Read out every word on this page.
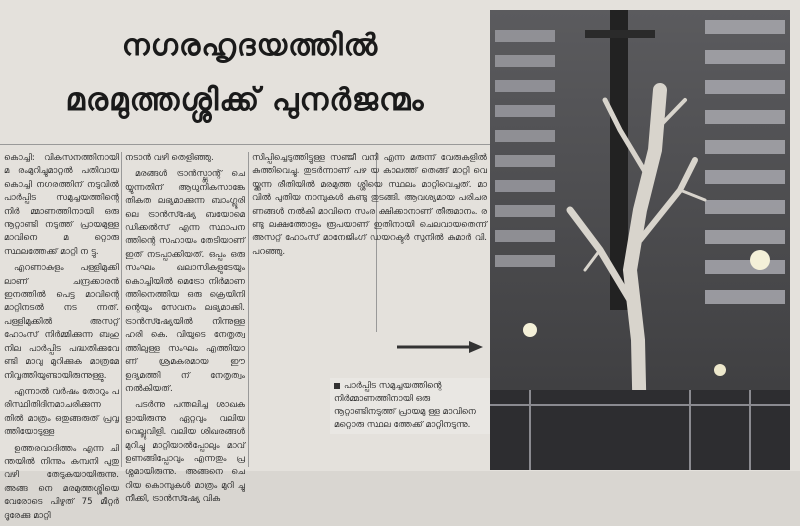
നഗരഹൃദയത്തിൽ
മരമുത്തശ്ശിക്ക് പുനർജന്മം

കൊച്ചി: വികസനത്തിനായി മ രംമുറിച്ചുമാറ്റൽ പതിവായ കൊച്ചി നഗരത്തിന് നടുവിൽ പാർപ്പിട സമുച്ചയത്തിന്റെ നിർ മ്മാണത്തിനായി ഒരു നൂറ്റാണ്ടി നടുത്ത് പ്രായമുള്ള മാവിനെ മ റ്റൊരു സ്ഥലത്തേക്ക് മാറ്റി ന ട്ടു.

എറണാകുളം പള്ളിമുക്കി ലാണ് ചന്ദ്രക്കാരൻ ഇനത്തിൽ പെട്ട മാവിന്റെ മാറ്റിനടൽ നട ന്നത്. പള്ളിമുക്കിൽ അസറ്റ് ഹോംസ് നിർമ്മിക്കുന്ന ബഹു നില പാർപ്പിട പദ്ധതിക്കുവേ ണ്ടി മാവു മുറിക്കുക മാത്രമേ നിവൃത്തിയുണ്ടായിരുന്നുള്ളു.

എന്നാൽ വർഷം തോറും പ രിസ്ഥിതിദിനമാചരിക്കുന്ന തിൽ മാത്രം ഒതുങ്ങരുത് പ്രവൃ ത്തിയോടുള്ള

ഉത്തരവാദിത്തം എന്ന ചി ന്തയിൽ നിന്നും കമ്പനി പുതു വഴി തേടുകയായിരുന്നു. അങ്ങ നെ മരമുത്തശ്ശിയെ വേരോടെ പിഴുത് 75 മീറ്റർ ദൂരേക്കു മാറ്റി

നടാൻ വഴി തെളിഞ്ഞു.

മരങ്ങൾ ട്രാൻസ്പ്ലാന്റ് ചെ യ്യുന്നതിന് ആധുനികസാങ്കേ തികത ലഭ്യമാക്കുന്ന ബാംഗ്ലൂരി ലെ ട്രാൻസ്ഷ്യേ ബയോമെ ഡിക്കൽസ് എന്ന സ്ഥാപന ത്തിന്റെ സഹായം തേടിയാണ് ഇത് നടപ്പാക്കിയത്. ഒപ്പം ഒരു സംഘം ഖലാസികളുടേയും കൊച്ചിയിൽ മെട്രോ നിർമാണ ത്തിനെത്തിയ ഒരു ക്രെയിനി ന്റെയും സേവനം ലഭ്യമാക്കി. ട്രാൻസ്ഷ്യേയിൽ നിന്നുള്ള ഹരി കെ. വിയുടെ നേതൃത്വ ത്തിലുള്ള സംഘം എത്തിയാ ണ് ശ്രമകരമായ ഈ ഉദ്യമത്തി ന് നേതൃത്വം നൽകിയത്.

പടർന്നു പന്തലിച്ച ശാഖക ളായിരുന്നു ഏറ്റവും വലിയ വെല്ലുവിളി. വലിയ ശിഖരങ്ങൾ മുറിച്ചു മാറ്റിയാൽപ്പോലും മാവ് ഉണങ്ങിപ്പോവും എന്നതും പ്ര ശ്നമായിരുന്നു. അങ്ങനെ ചെ റിയ കൊമ്പുകൾ മാത്രം മുറി ച്ചു നീക്കി, ട്രാൻസ്ഷ്യേ വിക

സിപ്പിച്ചെടുത്തിട്ടുള്ള സഞ്ജീ വനി എന്ന മരുന്ന് വേരുകളിൽ കുത്തിവെച്ചു. തുടർന്നാണ് പഴ യ കാലത്ത് തെങ്ങ് മാറ്റി വെ യ്ക്കുന്ന രീതിയിൽ മരമുത്ത ശ്ശിയെ സ്ഥലം മാറ്റിവെച്ചത്. മാ വിൽ പുതിയ നാമ്പുകൾ കണ്ടു തുടങ്ങി. ആവശ്യമായ പരിചര ണങ്ങൾ നൽകി മാവിനെ സംര ക്ഷിക്കാനാണ് തീരുമാനം. ര ണ്ടു ലക്ഷത്തോളം രൂപയാണ് ഇതിനായി ചെലവായതെന്ന് അസറ്റ് ഹോംസ് മാനേജിംഗ് ഡയറക്ടർ സുനിൽ കുമാർ വി. പറഞ്ഞു.

പാർപ്പിട സമുച്ചയത്തിന്റെ നിർമ്മാണത്തിനായി ഒരു നൂറ്റാണ്ടിനടുത്ത് പ്രായമു ള്ള മാവിനെ മറ്റൊരു സ്ഥല ത്തേക്ക് മാറ്റിനടുന്നു.
